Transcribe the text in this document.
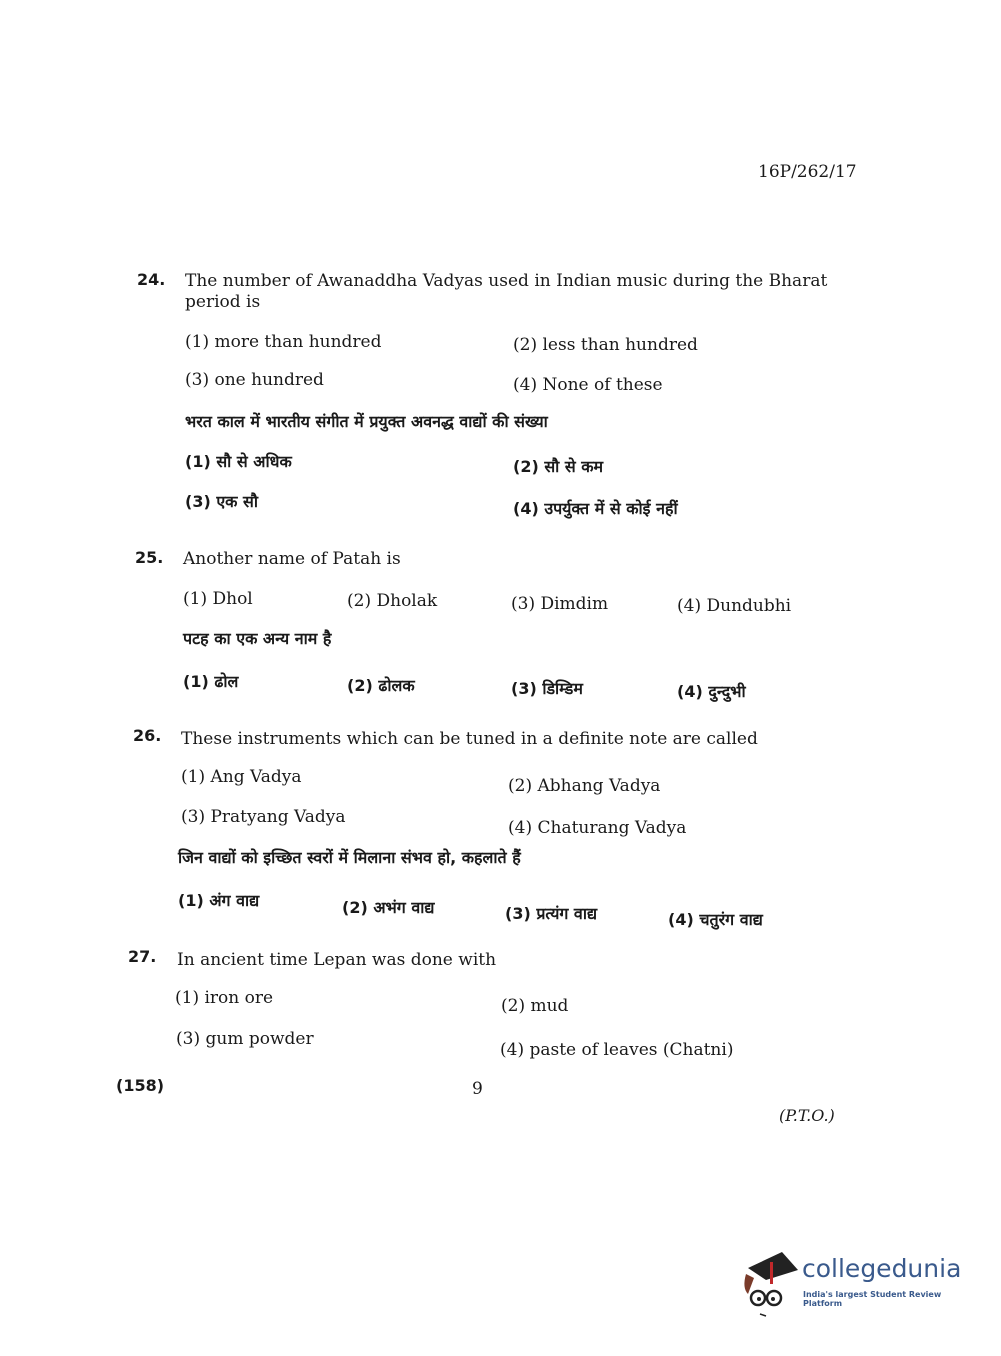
16P/262/17
24. The number of Awanaddha Vadyas used in Indian music during the Bharat
period is
(1) more than hundred	(2) less than hundred
(3) one hundred	(4) None of these
भरत काल में भारतीय संगीत में प्रयुक्त अवनद्ध वाद्यों की संख्या
(1) सौ से अधिक	(2) सौ से कम
(3) एक सौ	(4) उपर्युक्त में से कोई नहीं
25. Another name of Patah is
(1) Dhol	(2) Dholak	(3) Dimdim	(4) Dundubhi
पटह का एक अन्य नाम है
(1) ढोल	(2) ढोलक	(3) डिम्डिम	(4) दुन्दुभी
26. These instruments which can be tuned in a definite note are called
(1) Ang Vadya	(2) Abhang Vadya
(3) Pratyang Vadya
(4) Chaturang Vadya
जिन वाद्यों को इच्छित स्वरों में मिलाना संभव हो, कहलाते हैं
(1) अंग वाद्य	(2) अभंग वाद्य	(3) प्रत्यंग वाद्य	(4) चतुरंग वाद्य
27. In ancient time Lepan was done with
(1) iron ore	(2) mud
(3) gum powder
(4) paste of leaves (Chatni)
(158)	9
(P.T.O.)
collegedunia
India's largest Student Review Platform
